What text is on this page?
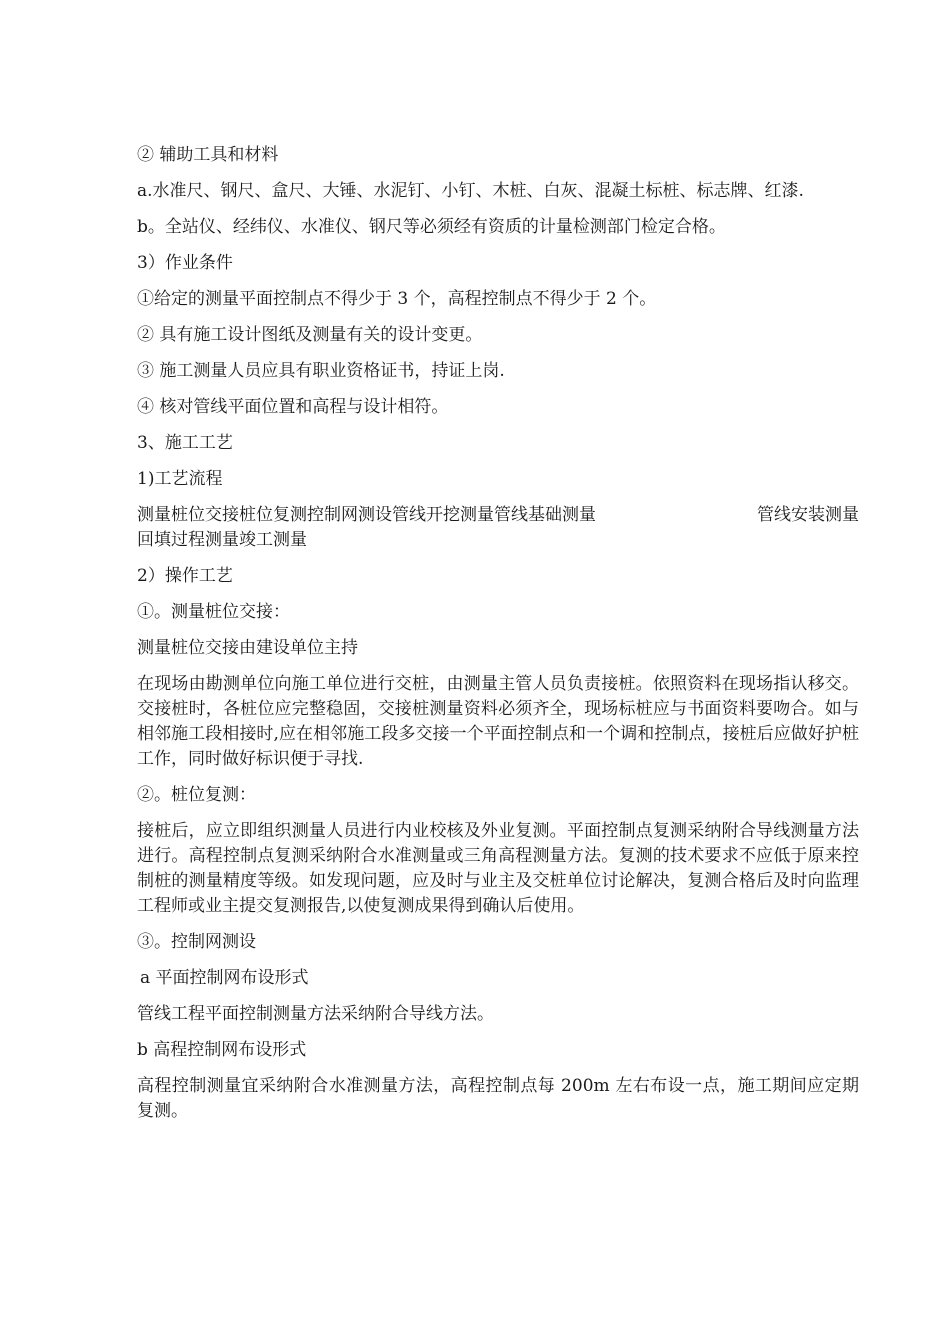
② 辅助工具和材料

a.水准尺、钢尺、盒尺、大锤、水泥钉、小钉、木桩、白灰、混凝土标桩、标志牌、红漆.

b。全站仪、经纬仪、水准仪、钢尺等必须经有资质的计量检测部门检定合格。

3）作业条件

①给定的测量平面控制点不得少于 3 个，高程控制点不得少于 2 个。

② 具有施工设计图纸及测量有关的设计变更。

③ 施工测量人员应具有职业资格证书，持证上岗.

④ 核对管线平面位置和高程与设计相符。

3、施工工艺

1)工艺流程

测量桩位交接桩位复测控制网测设管线开挖测量管线基础测量	管线安装测量
回填过程测量竣工测量

2）操作工艺

①。测量桩位交接：

测量桩位交接由建设单位主持

在现场由勘测单位向施工单位进行交桩，由测量主管人员负责接桩。依照资料在现场指认移交。交接桩时，各桩位应完整稳固，交接桩测量资料必须齐全，现场标桩应与书面资料要吻合。如与相邻施工段相接时,应在相邻施工段多交接一个平面控制点和一个调和控制点，接桩后应做好护桩工作，同时做好标识便于寻找.

②。桩位复测：

接桩后，应立即组织测量人员进行内业校核及外业复测。平面控制点复测采纳附合导线测量方法进行。高程控制点复测采纳附合水准测量或三角高程测量方法。复测的技术要求不应低于原来控制桩的测量精度等级。如发现问题，应及时与业主及交桩单位讨论解决，复测合格后及时向监理工程师或业主提交复测报告,以使复测成果得到确认后使用。

③。控制网测设

a 平面控制网布设形式

管线工程平面控制测量方法采纳附合导线方法。

b 高程控制网布设形式

高程控制测量宜采纳附合水准测量方法，高程控制点每 200m 左右布设一点，施工期间应定期复测。
